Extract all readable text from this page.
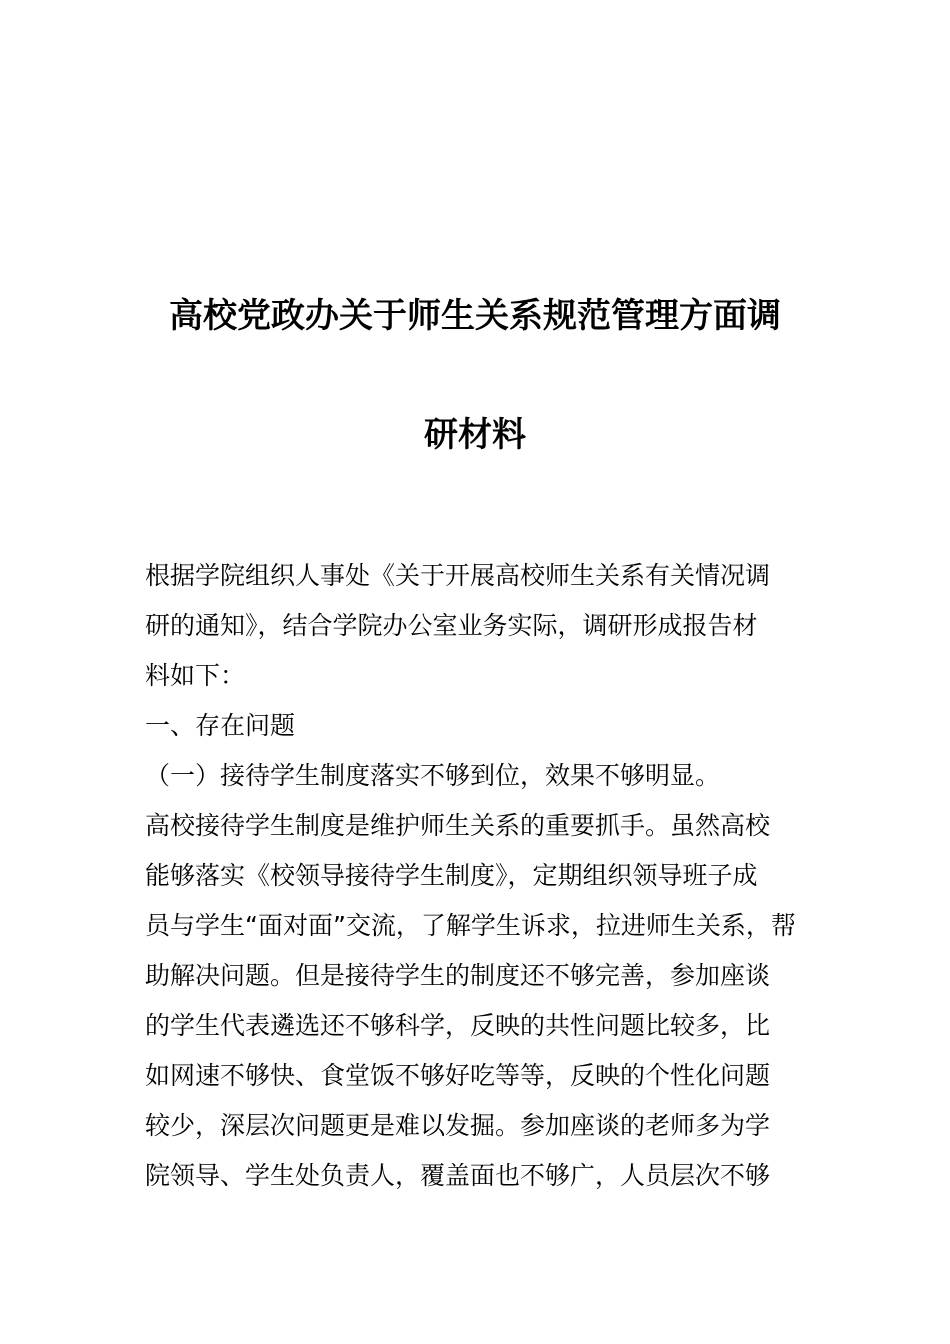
高校党政办关于师生关系规范管理方面调
研材料
根据学院组织人事处《关于开展高校师生关系有关情况调
研的通知》，结合学院办公室业务实际，调研形成报告材
料如下：
一、存在问题
（一）接待学生制度落实不够到位，效果不够明显。
高校接待学生制度是维护师生关系的重要抓手。虽然高校
能够落实《校领导接待学生制度》，定期组织领导班子成
员与学生“面对面”交流，了解学生诉求，拉进师生关系，帮
助解决问题。但是接待学生的制度还不够完善，参加座谈
的学生代表遴选还不够科学，反映的共性问题比较多，比
如网速不够快、食堂饭不够好吃等等，反映的个性化问题
较少，深层次问题更是难以发掘。参加座谈的老师多为学
院领导、学生处负责人，覆盖面也不够广，人员层次不够
